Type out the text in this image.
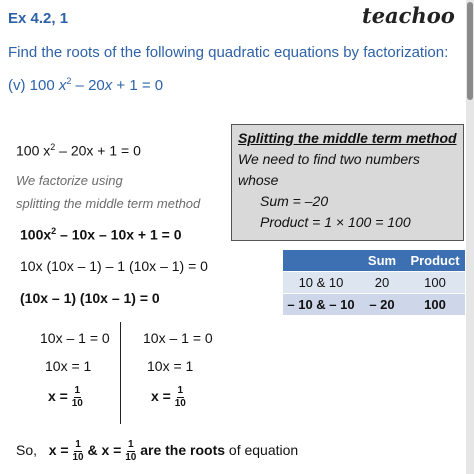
Ex 4.2, 1	teachoo
Find the roots of the following quadratic equations by factorization:
(v) 100 $x^2 - 20x + 1 = 0$
100 $x^2 - 20x + 1 = 0$
We factorize using
splitting the middle term method
$100x^2 - 10x - 10x + 1 = 0$
10x (10x – 1) – 1 (10x – 1) = 0
(10x – 1) (10x – 1) = 0
Splitting the middle term method
We need to find two numbers
whose
Sum = –20
Product = 1 × 100 = 100
	Sum	Product
10 & 10	20	100
– 10 & – 10	– 20	100
10x – 1 = 0
10x = 1
$x = \frac{1}{10}$
10x – 1 = 0
10x = 1
$x = \frac{1}{10}$
So, $x = \frac{1}{10}$ & $x = \frac{1}{10}$ are the roots of equation
